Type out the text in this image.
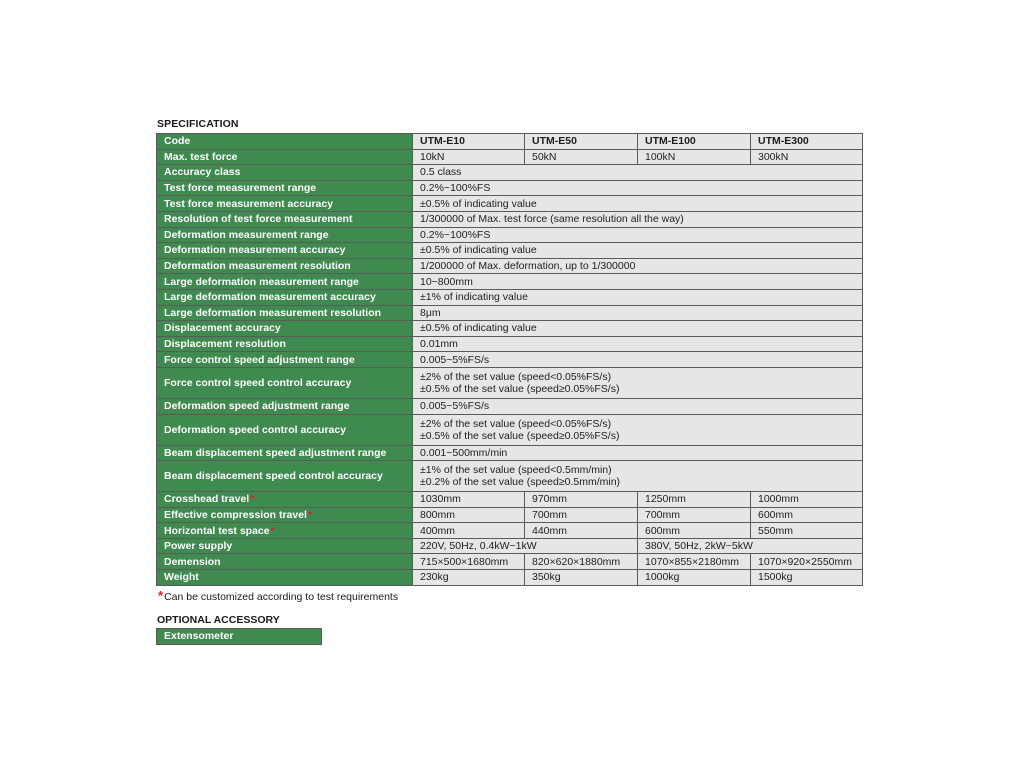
SPECIFICATION
Code	UTM-E10	UTM-E50	UTM-E100	UTM-E300
Max. test force	10kN	50kN	100kN	300kN
Accuracy class	0.5 class			
Test force measurement range	0.2%~100%FS			
Test force measurement accuracy	±0.5% of indicating value			
Resolution of test force measurement	1/300000 of Max. test force (same resolution all the way)			
Deformation measurement range	0.2%~100%FS			
Deformation measurement accuracy	±0.5% of indicating value			
Deformation measurement resolution	1/200000 of Max. deformation, up to 1/300000			
Large deformation measurement range	10~800mm			
Large deformation measurement accuracy	±1% of indicating value			
Large deformation measurement resolution	8μm			
Displacement accuracy	±0.5% of indicating value			
Displacement resolution	0.01mm			
Force control speed adjustment range	0.005~5%FS/s			
Force control speed control accuracy	±2% of the set value (speed<0.05%FS/s)
±0.5% of the set value (speed≥0.05%FS/s)			

Deformation speed adjustment range	0.005~5%FS/s			
Deformation speed control accuracy	±2% of the set value (speed<0.05%FS/s)
±0.5% of the set value (speed≥0.05%FS/s)			

Beam displacement speed adjustment range	0.001~500mm/min			
Beam displacement speed control accuracy	±1% of the set value (speed<0.5mm/min)
±0.2% of the set value (speed≥0.5mm/min)			

Crosshead travel*	1030mm	970mm	1250mm	1000mm
Effective compression travel*	800mm	700mm	700mm	600mm
Horizontal test space*	400mm	440mm	600mm	550mm
Power supply	220V, 50Hz, 0.4kW~1kW		380V, 50Hz, 2kW~5kW	
Demension	715×500×1680mm	820×620×1880mm	1070×855×2180mm	1070×920×2550mm
Weight	230kg	350kg	1000kg	1500kg
*Can be customized according to test requirements
OPTIONAL ACCESSORY
Extensometer
